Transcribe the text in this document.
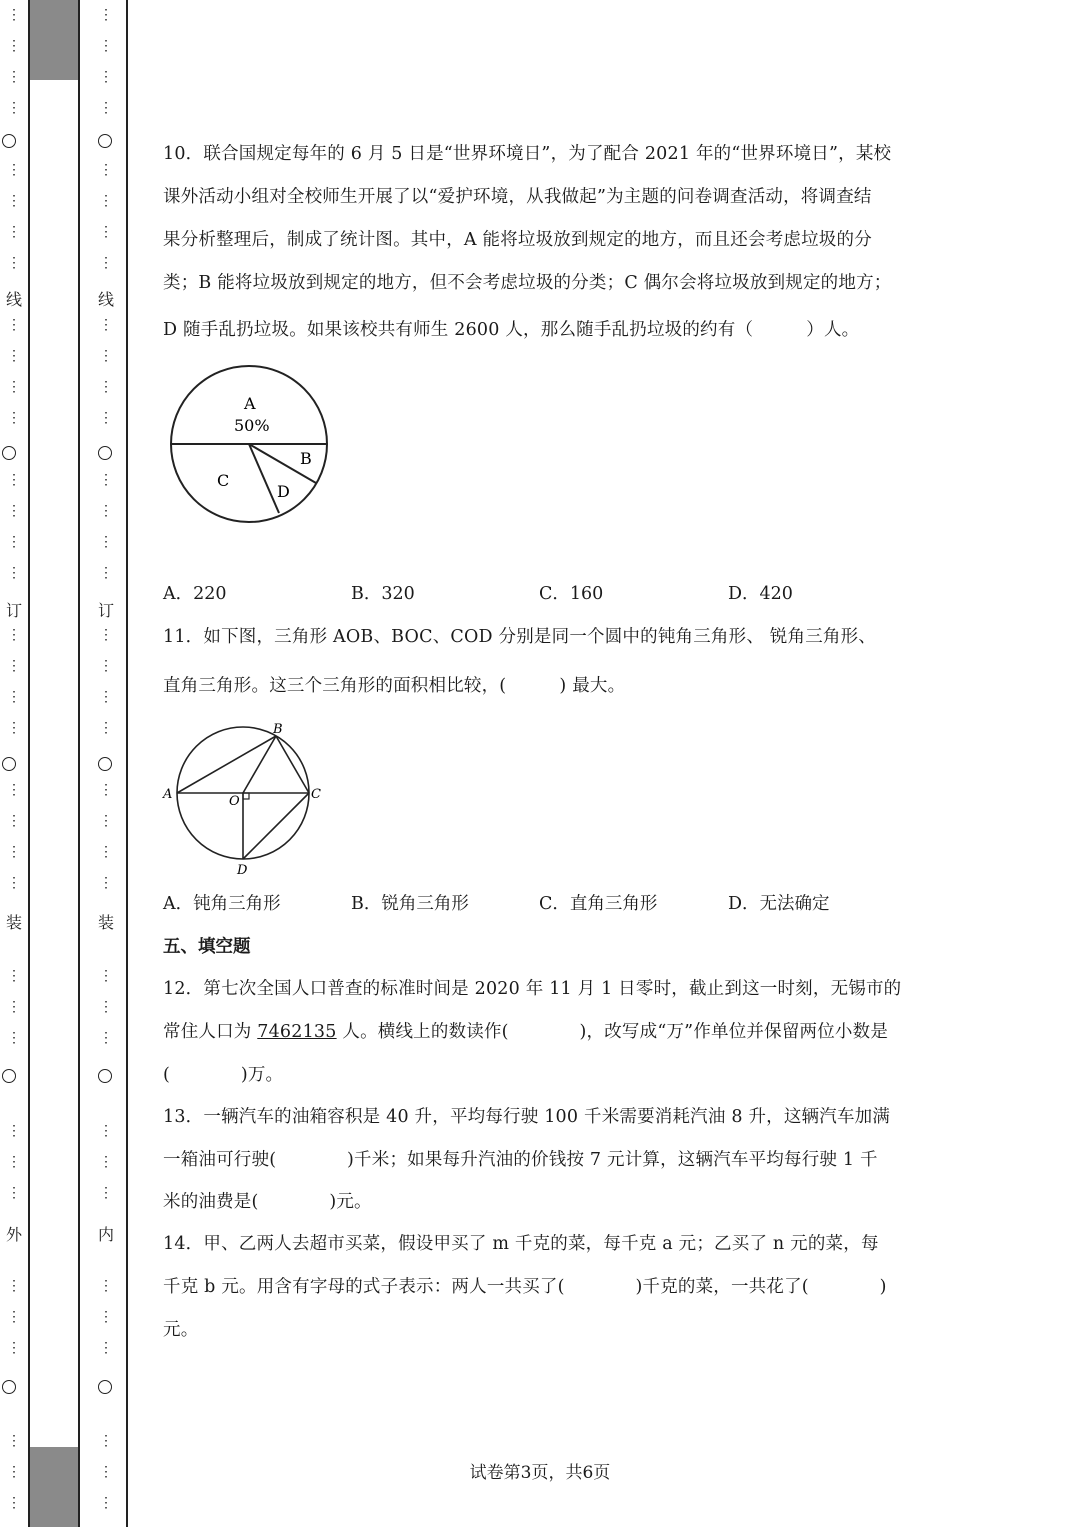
线
订
装
外
线
订
装
内
⋮
⋮
⋮
⋮
⋮
⋮
⋮
⋮
⋮
⋮
⋮
⋮
⋮
⋮
⋮
⋮
⋮
⋮
⋮
⋮
⋮
⋮
⋮
⋮
⋮
⋮
⋮
⋮
⋮
⋮
⋮
⋮
⋮
⋮
⋮
⋮
⋮
⋮
⋮
⋮
⋮
⋮
⋮
⋮
⋮
⋮
⋮
⋮
⋮
⋮
⋮
⋮
⋮
⋮
⋮
⋮
⋮
⋮
⋮
⋮
⋮
⋮
⋮
⋮
⋮
⋮
⋮
⋮
⋮
⋮
⋮
⋮
10．联合国规定每年的 6 月 5 日是“世界环境日”，为了配合 2021 年的“世界环境日”，某校
课外活动小组对全校师生开展了以“爱护环境，从我做起”为主题的问卷调查活动，将调查结
果分析整理后，制成了统计图。其中，A 能将垃圾放到规定的地方，而且还会考虑垃圾的分
类；B 能将垃圾放到规定的地方，但不会考虑垃圾的分类；C 偶尔会将垃圾放到规定的地方；
D 随手乱扔垃圾。如果该校共有师生 2600 人，那么随手乱扔垃圾的约有（　　　）人。
A
50%
B
C
D
A．220	B．320	C．160	D．420
11．如下图，三角形 AOB、BOC、COD 分别是同一个圆中的钝角三角形、 锐角三角形、
直角三角形。这三个三角形的面积相比较，(　　　) 最大。
A
B
C
D
O
A．钝角三角形	B．锐角三角形	C．直角三角形	D．无法确定
五、填空题
12．第七次全国人口普查的标准时间是 2020 年 11 月 1 日零时，截止到这一时刻，无锡市的
常住人口为 7462135 人。横线上的数读作(　　　　)，改写成“万”作单位并保留两位小数是
(　　　　)万。
13．一辆汽车的油箱容积是 40 升，平均每行驶 100 千米需要消耗汽油 8 升，这辆汽车加满
一箱油可行驶(　　　　)千米；如果每升汽油的价钱按 7 元计算，这辆汽车平均每行驶 1 千
米的油费是(　　　　)元。
14．甲、乙两人去超市买菜，假设甲买了 m 千克的菜，每千克 a 元；乙买了 n 元的菜，每
千克 b 元。用含有字母的式子表示：两人一共买了(　　　　)千克的菜，一共花了(　　　　)
元。
试卷第3页，共6页
